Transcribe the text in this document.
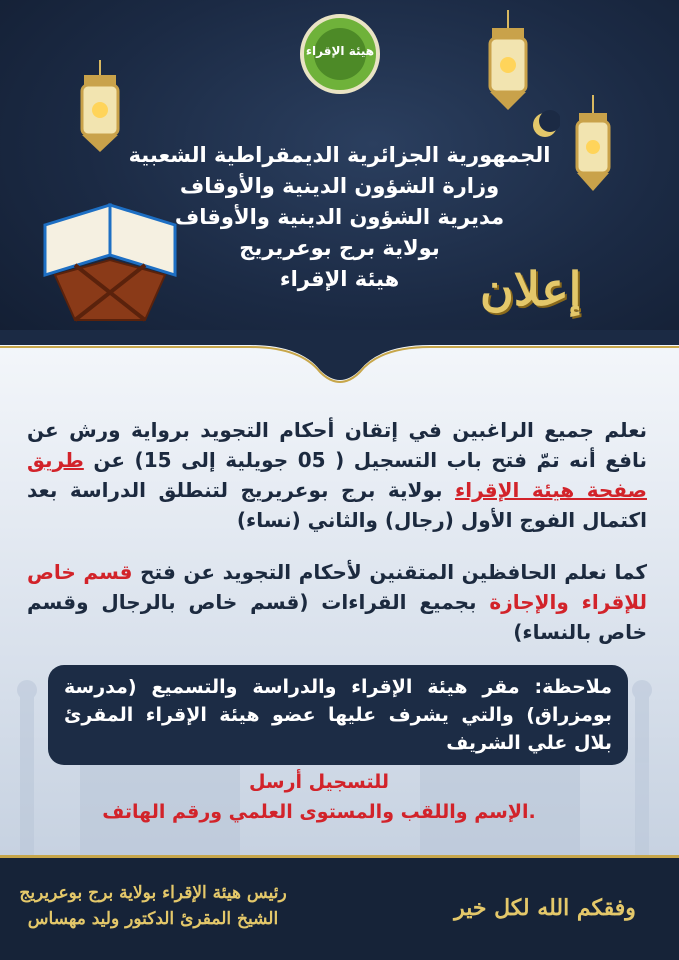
هيئة الإقراء
الجمهورية الجزائرية الديمقراطية الشعبية
وزارة الشؤون الدينية والأوقاف
مديرية الشؤون الدينية والأوقاف
بولاية برج بوعريريج
هيئة الإقراء	إعلان
نعلم جميع الراغبين في إتقان أحكام التجويد برواية ورش عن نافع أنه تمّ فتح باب التسجيل ( 05 جويلية إلى 15) عن طريق صفحة هيئة الإقراء بولاية برج بوعريريج لتنطلق الدراسة بعد اكتمال الفوج الأول (رجال) والثاني (نساء)
كما نعلم الحافظين المتقنين لأحكام التجويد عن فتح قسم خاص للإقراء والإجازة بجميع القراءات (قسم خاص بالرجال وقسم خاص بالنساء)
ملاحظة: مقر هيئة الإقراء والدراسة والتسميع (مدرسة بومزراق) والتي يشرف عليها عضو هيئة الإقراء المقرئ بلال علي الشريف
للتسجيل أرسل
.الإسم واللقب والمستوى العلمي ورقم الهاتف
رئيس هيئة الإقراء بولاية برج بوعريريج
الشيخ المقرئ الدكتور وليد مهساس	وفقكم الله لكل خير
